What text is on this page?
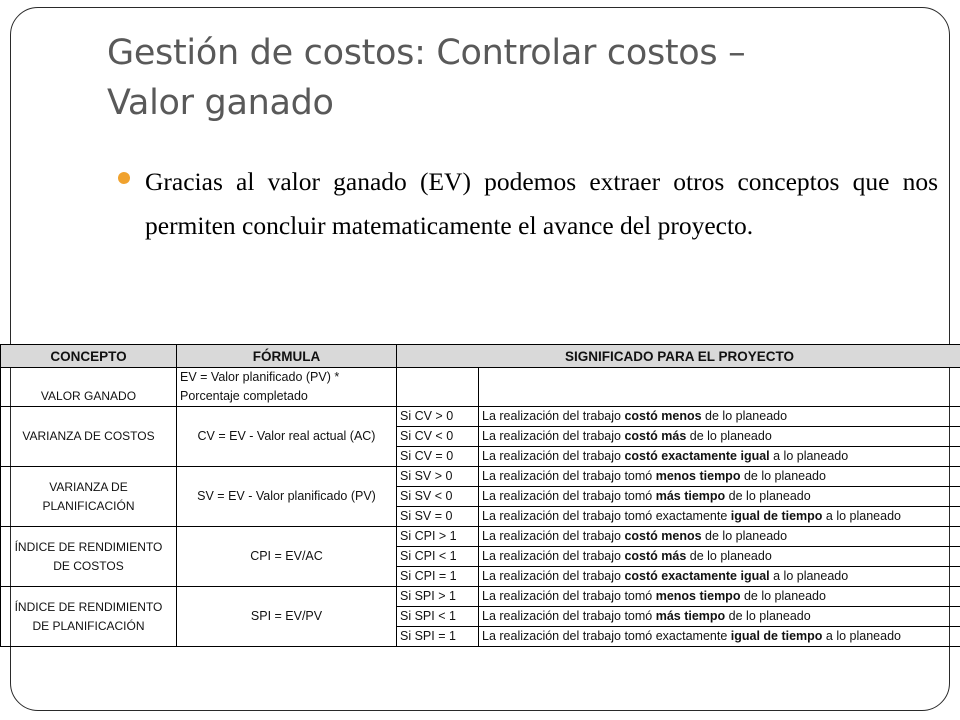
Gestión de costos: Controlar costos –
Valor ganado
Gracias al valor ganado (EV) podemos extraer otros conceptos que nos permiten concluir matematicamente el avance del proyecto.
CONCEPTO	FÓRMULA	SIGNIFICADO PARA EL PROYECTO	
VALOR GANADO	EV = Valor planificado (PV) *
Porcentaje completado		
VARIANZA DE COSTOS	CV = EV - Valor real actual (AC)	Si CV > 0	La realización del trabajo costó menos de lo planeado
		Si CV < 0	La realización del trabajo costó más de lo planeado
		Si CV = 0	La realización del trabajo costó exactamente igual a lo planeado
VARIANZA DE
PLANIFICACIÓN	SV = EV - Valor planificado (PV)	Si SV > 0	La realización del trabajo tomó menos tiempo de lo planeado
		Si SV < 0	La realización del trabajo tomó más tiempo de lo planeado
		Si SV = 0	La realización del trabajo tomó exactamente igual de tiempo a lo planeado
ÍNDICE DE RENDIMIENTO
DE COSTOS	CPI = EV/AC	Si CPI > 1	La realización del trabajo costó menos de lo planeado
		Si CPI < 1	La realización del trabajo costó más de lo planeado
		Si CPI = 1	La realización del trabajo costó exactamente igual a lo planeado
ÍNDICE DE RENDIMIENTO
DE PLANIFICACIÓN	SPI = EV/PV	Si SPI > 1	La realización del trabajo tomó menos tiempo de lo planeado
		Si SPI < 1	La realización del trabajo tomó más tiempo de lo planeado
		Si SPI = 1	La realización del trabajo tomó exactamente igual de tiempo a lo planeado
